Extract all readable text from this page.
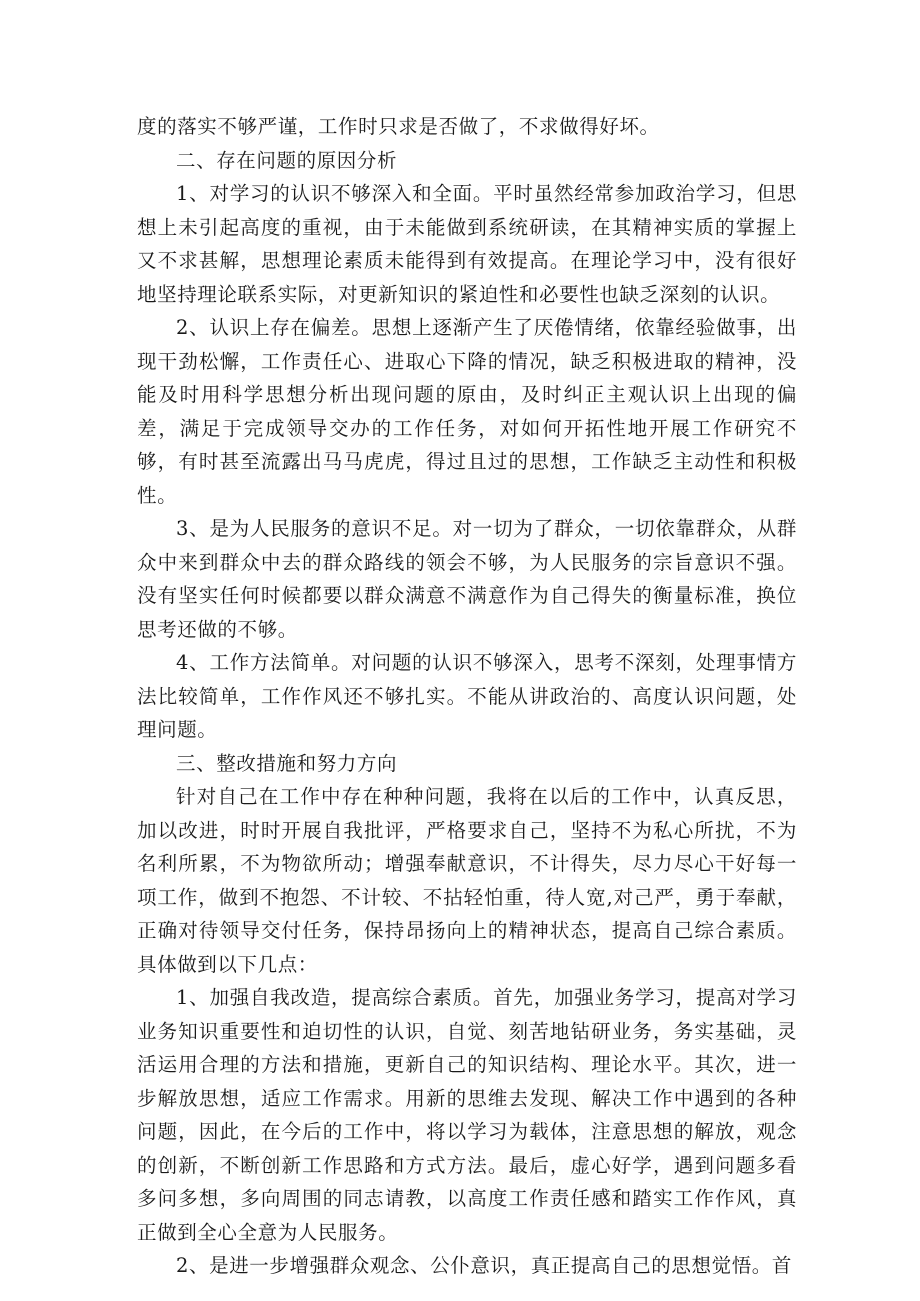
度的落实不够严谨，工作时只求是否做了，不求做得好坏。

二、存在问题的原因分析

1、对学习的认识不够深入和全面。平时虽然经常参加政治学习，但思想上未引起高度的重视，由于未能做到系统研读，在其精神实质的掌握上又不求甚解，思想理论素质未能得到有效提高。在理论学习中，没有很好地坚持理论联系实际，对更新知识的紧迫性和必要性也缺乏深刻的认识。

2、认识上存在偏差。思想上逐渐产生了厌倦情绪，依靠经验做事，出现干劲松懈，工作责任心、进取心下降的情况，缺乏积极进取的精神，没能及时用科学思想分析出现问题的原由，及时纠正主观认识上出现的偏差，满足于完成领导交办的工作任务，对如何开拓性地开展工作研究不够，有时甚至流露出马马虎虎，得过且过的思想，工作缺乏主动性和积极性。

3、是为人民服务的意识不足。对一切为了群众，一切依靠群众，从群众中来到群众中去的群众路线的领会不够，为人民服务的宗旨意识不强。没有坚实任何时候都要以群众满意不满意作为自己得失的衡量标准，换位思考还做的不够。

4、工作方法简单。对问题的认识不够深入，思考不深刻，处理事情方法比较简单，工作作风还不够扎实。不能从讲政治的、高度认识问题，处理问题。

三、整改措施和努力方向

针对自己在工作中存在种种问题，我将在以后的工作中，认真反思，加以改进，时时开展自我批评，严格要求自己，坚持不为私心所扰，不为名利所累，不为物欲所动；增强奉献意识，不计得失，尽力尽心干好每一项工作，做到不抱怨、不计较、不拈轻怕重，待人宽,对己严，勇于奉献，正确对待领导交付任务，保持昂扬向上的精神状态，提高自己综合素质。具体做到以下几点：

1、加强自我改造，提高综合素质。首先，加强业务学习，提高对学习业务知识重要性和迫切性的认识，自觉、刻苦地钻研业务，务实基础，灵活运用合理的方法和措施，更新自己的知识结构、理论水平。其次，进一步解放思想，适应工作需求。用新的思维去发现、解决工作中遇到的各种问题，因此，在今后的工作中，将以学习为载体，注意思想的解放，观念的创新，不断创新工作思路和方式方法。最后，虚心好学，遇到问题多看多问多想，多向周围的同志请教，以高度工作责任感和踏实工作作风，真正做到全心全意为人民服务。

2、是进一步增强群众观念、公仆意识，真正提高自己的思想觉悟。首
